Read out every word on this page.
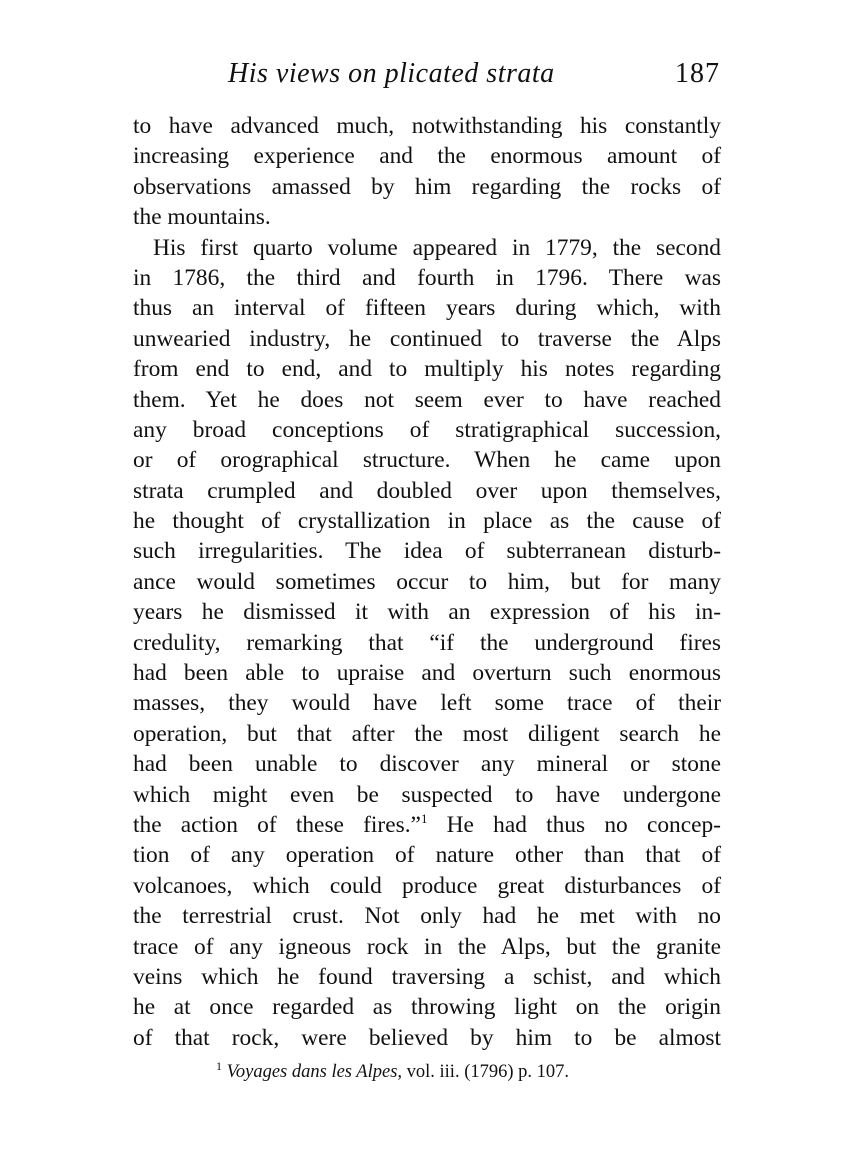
His views on plicated strata	187
to have advanced much, notwithstanding his constantly
increasing experience and the enormous amount of
observations amassed by him regarding the rocks of
the mountains.
His first quarto volume appeared in 1779, the second
in 1786, the third and fourth in 1796. There was
thus an interval of fifteen years during which, with
unwearied industry, he continued to traverse the Alps
from end to end, and to multiply his notes regarding
them. Yet he does not seem ever to have reached
any broad conceptions of stratigraphical succession,
or of orographical structure. When he came upon
strata crumpled and doubled over upon themselves,
he thought of crystallization in place as the cause of
such irregularities. The idea of subterranean disturb-
ance would sometimes occur to him, but for many
years he dismissed it with an expression of his in-
credulity, remarking that “if the underground fires
had been able to upraise and overturn such enormous
masses, they would have left some trace of their
operation, but that after the most diligent search he
had been unable to discover any mineral or stone
which might even be suspected to have undergone
the action of these fires.”$^1$ He had thus no concep-
tion of any operation of nature other than that of
volcanoes, which could produce great disturbances of
the terrestrial crust. Not only had he met with no
trace of any igneous rock in the Alps, but the granite
veins which he found traversing a schist, and which
he at once regarded as throwing light on the origin
of that rock, were believed by him to be almost
$^1$ Voyages dans les Alpes, vol. iii. (1796) p. 107.
